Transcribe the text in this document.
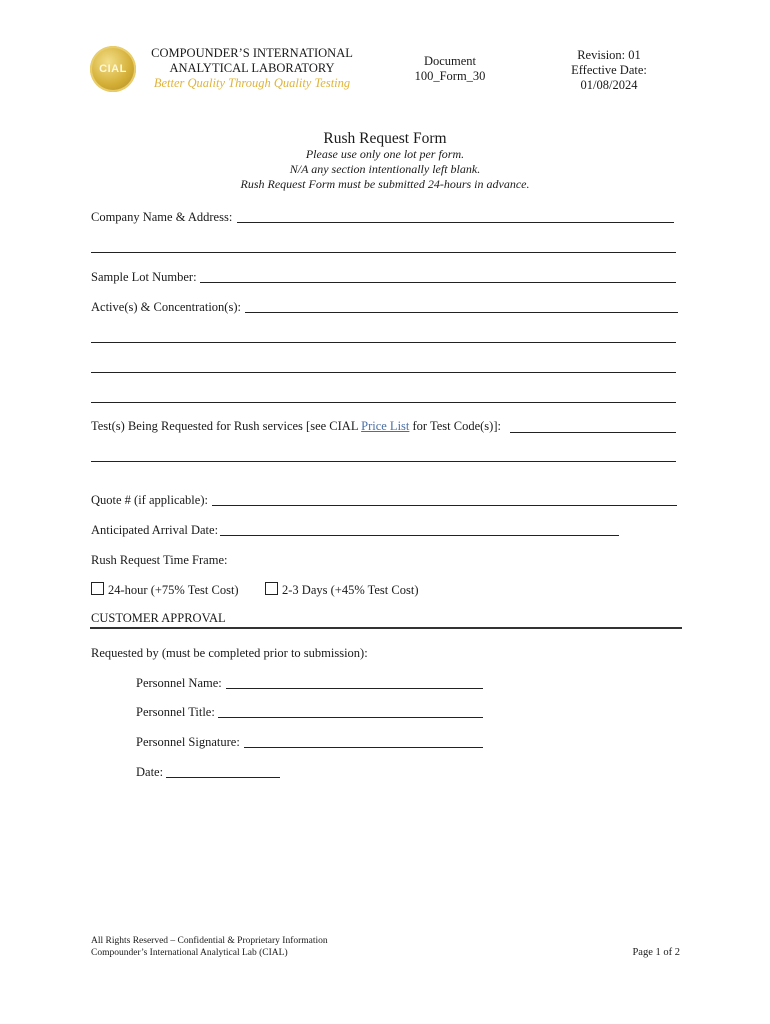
CIAL
COMPOUNDER’S INTERNATIONAL
ANALYTICAL LABORATORY
Better Quality Through Quality Testing
Document
100_Form_30
Revision: 01
Effective Date:
01/08/2024
Rush Request Form
Please use only one lot per form.
N/A any section intentionally left blank.
Rush Request Form must be submitted 24-hours in advance.
Company Name & Address:
Sample Lot Number:
Active(s) & Concentration(s):
Test(s) Being Requested for Rush services [see CIAL Price List for Test Code(s)]:
Quote # (if applicable):
Anticipated Arrival Date:
Rush Request Time Frame:
24-hour (+75% Test Cost)	2-3 Days (+45% Test Cost)
CUSTOMER APPROVAL
Requested by (must be completed prior to submission):
Personnel Name:
Personnel Title:
Personnel Signature:
Date:
All Rights Reserved – Confidential & Proprietary Information
Compounder’s International Analytical Lab (CIAL)	Page 1 of 2
